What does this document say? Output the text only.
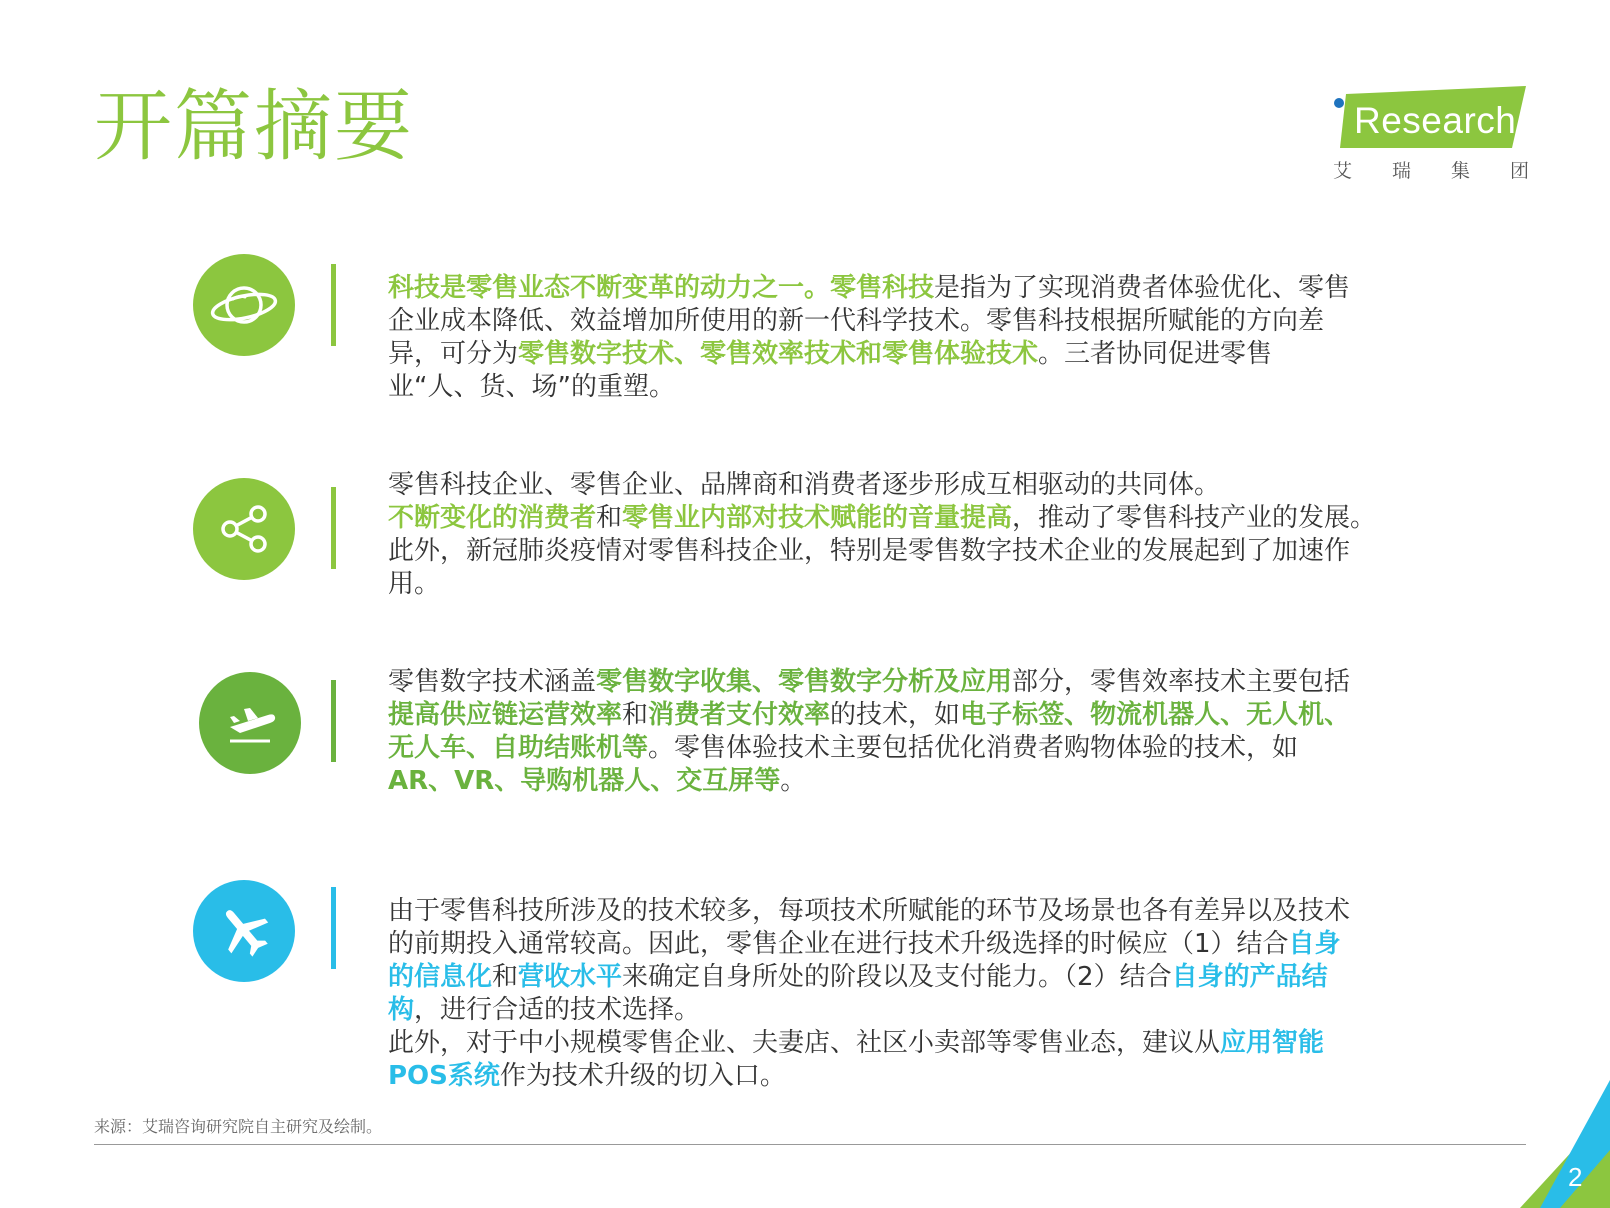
开篇摘要	Research
艾瑞集团
科技是零售业态不断变革的动力之一。零售科技是指为了实现消费者体验优化、零售企业成本降低、效益增加所使用的新一代科学技术。零售科技根据所赋能的方向差异，可分为零售数字技术、零售效率技术和零售体验技术。三者协同促进零售业“人、货、场”的重塑。
零售科技企业、零售企业、品牌商和消费者逐步形成互相驱动的共同体。
不断变化的消费者和零售业内部对技术赋能的音量提高，推动了零售科技产业的发展。此外，新冠肺炎疫情对零售科技企业，特别是零售数字技术企业的发展起到了加速作用。
零售数字技术涵盖零售数字收集、零售数字分析及应用部分，零售效率技术主要包括提高供应链运营效率和消费者支付效率的技术，如电子标签、物流机器人、无人机、无人车、自助结账机等。零售体验技术主要包括优化消费者购物体验的技术，如AR、VR、导购机器人、交互屏等。
由于零售科技所涉及的技术较多，每项技术所赋能的环节及场景也各有差异以及技术的前期投入通常较高。因此，零售企业在进行技术升级选择的时候应（1）结合自身的信息化和营收水平来确定自身所处的阶段以及支付能力。（2）结合自身的产品结构，进行合适的技术选择。
此外，对于中小规模零售企业、夫妻店、社区小卖部等零售业态，建议从应用智能POS系统作为技术升级的切入口。
来源：艾瑞咨询研究院自主研究及绘制。
2
